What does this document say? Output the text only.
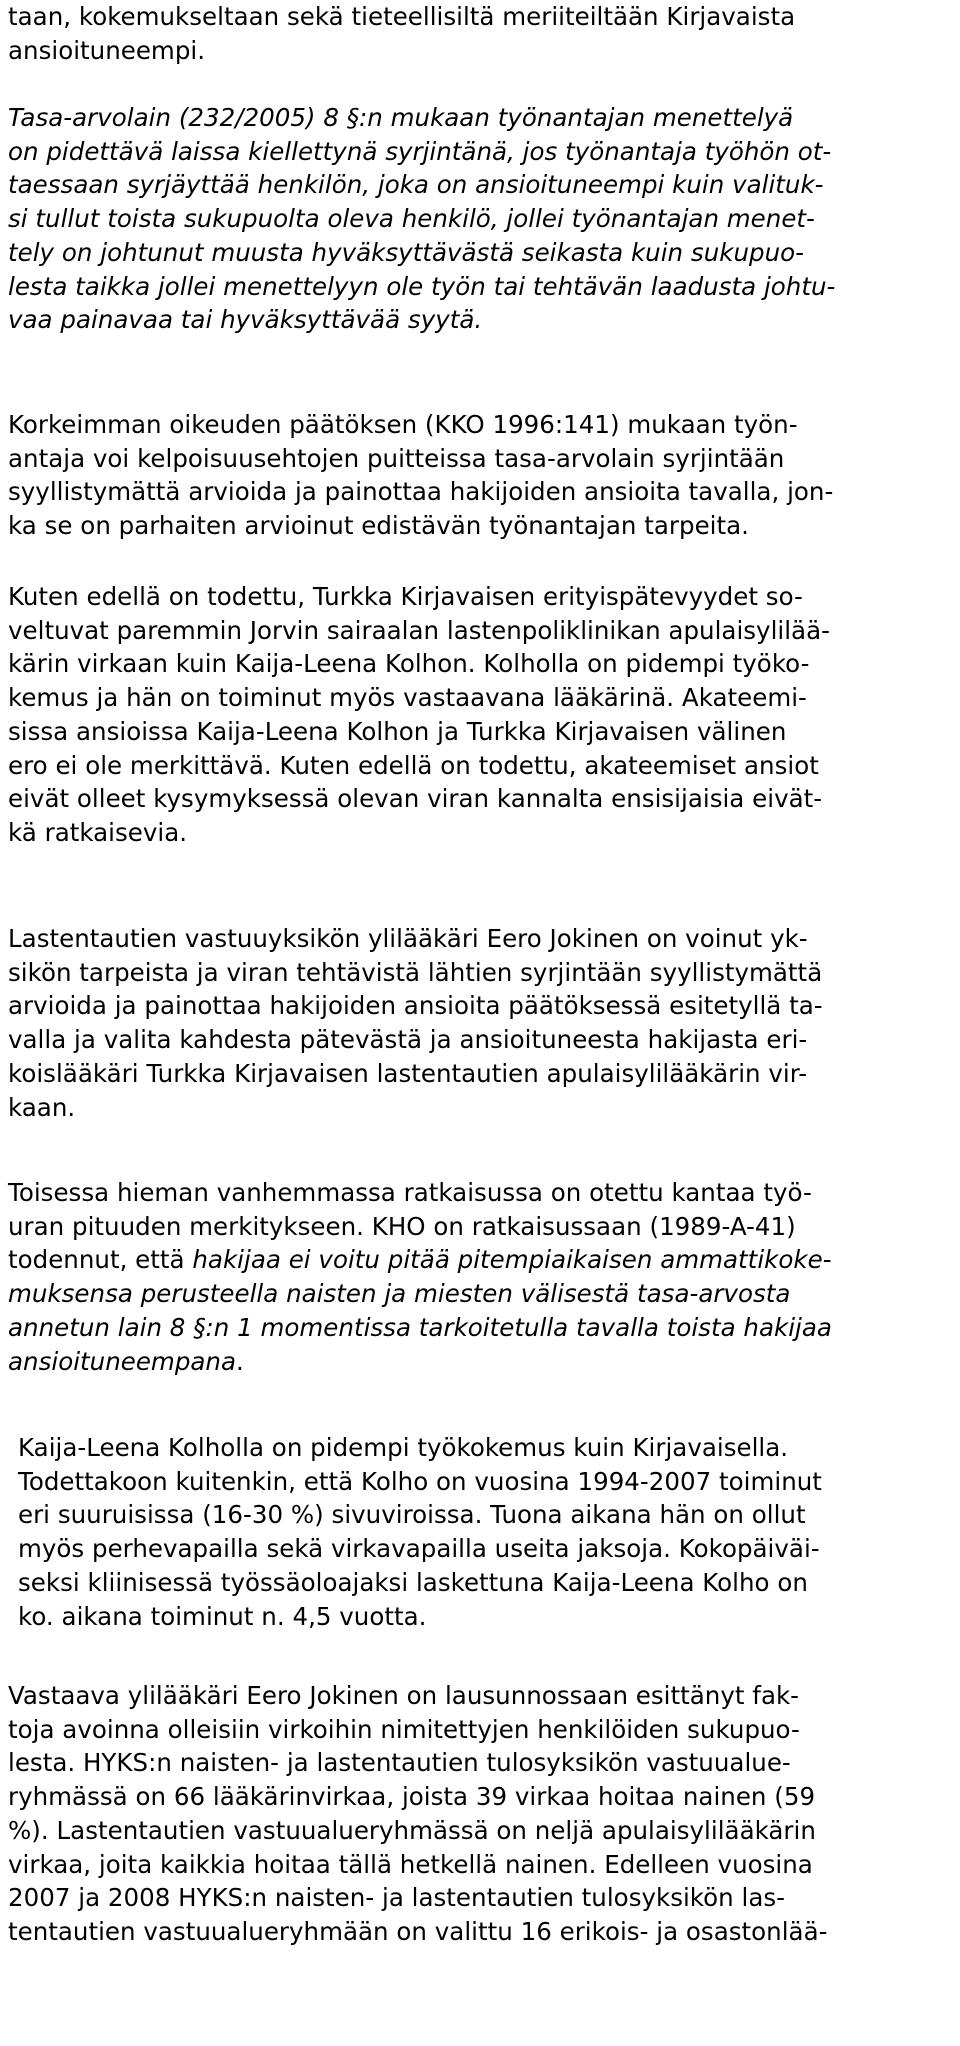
taan, kokemukseltaan sekä tieteellisiltä meriiteiltään Kirjavaista
ansioituneempi.

Tasa-arvolain (232/2005) 8 §:n mukaan työnantajan menettelyä
on pidettävä laissa kiellettynä syrjintänä, jos työnantaja työhön ot-
taessaan syrjäyttää henkilön, joka on ansioituneempi kuin valituk-
si tullut toista sukupuolta oleva henkilö, jollei työnantajan menet-
tely on johtunut muusta hyväksyttävästä seikasta kuin sukupuo-
lesta taikka jollei menettelyyn ole työn tai tehtävän laadusta johtu-
vaa painavaa tai hyväksyttävää syytä.

Korkeimman oikeuden päätöksen (KKO 1996:141) mukaan työn-
antaja voi kelpoisuusehtojen puitteissa tasa-arvolain syrjintään
syyllistymättä arvioida ja painottaa hakijoiden ansioita tavalla, jon-
ka se on parhaiten arvioinut edistävän työnantajan tarpeita.

Kuten edellä on todettu, Turkka Kirjavaisen erityispätevyydet so-
veltuvat paremmin Jorvin sairaalan lastenpoliklinikan apulaisylilää-
kärin virkaan kuin Kaija-Leena Kolhon. Kolholla on pidempi työko-
kemus ja hän on toiminut myös vastaavana lääkärinä. Akateemi-
sissa ansioissa Kaija-Leena Kolhon ja Turkka Kirjavaisen välinen
ero ei ole merkittävä. Kuten edellä on todettu, akateemiset ansiot
eivät olleet kysymyksessä olevan viran kannalta ensisijaisia eivät-
kä ratkaisevia.

Lastentautien vastuuyksikön ylilääkäri Eero Jokinen on voinut yk-
sikön tarpeista ja viran tehtävistä lähtien syrjintään syyllistymättä
arvioida ja painottaa hakijoiden ansioita päätöksessä esitetyllä ta-
valla ja valita kahdesta pätevästä ja ansioituneesta hakijasta eri-
koislääkäri Turkka Kirjavaisen lastentautien apulaisylilääkärin vir-
kaan.

Toisessa hieman vanhemmassa ratkaisussa on otettu kantaa työ-
uran pituuden merkitykseen. KHO on ratkaisussaan (1989-A-41)
todennut, että hakijaa ei voitu pitää pitempiaikaisen ammattikoke-
muksensa perusteella naisten ja miesten välisestä tasa-arvosta
annetun lain 8 §:n 1 momentissa tarkoitetulla tavalla toista hakijaa
ansioituneempana.

Kaija-Leena Kolholla on pidempi työkokemus kuin Kirjavaisella.
Todettakoon kuitenkin, että Kolho on vuosina 1994-2007 toiminut
eri suuruisissa (16-30 %) sivuviroissa. Tuona aikana hän on ollut
myös perhevapailla sekä virkavapailla useita jaksoja. Kokopäiväi-
seksi kliinisessä työssäoloajaksi laskettuna Kaija-Leena Kolho on
ko. aikana toiminut n. 4,5 vuotta.

Vastaava ylilääkäri Eero Jokinen on lausunnossaan esittänyt fak-
toja avoinna olleisiin virkoihin nimitettyjen henkilöiden sukupuo-
lesta. HYKS:n naisten- ja lastentautien tulosyksikön vastuualue-
ryhmässä on 66 lääkärinvirkaa, joista 39 virkaa hoitaa nainen (59
%). Lastentautien vastuualueryhmässä on neljä apulaisylilääkärin
virkaa, joita kaikkia hoitaa tällä hetkellä nainen. Edelleen vuosina
2007 ja 2008 HYKS:n naisten- ja lastentautien tulosyksikön las-
tentautien vastuualueryhmään on valittu 16 erikois- ja osastonlää-
